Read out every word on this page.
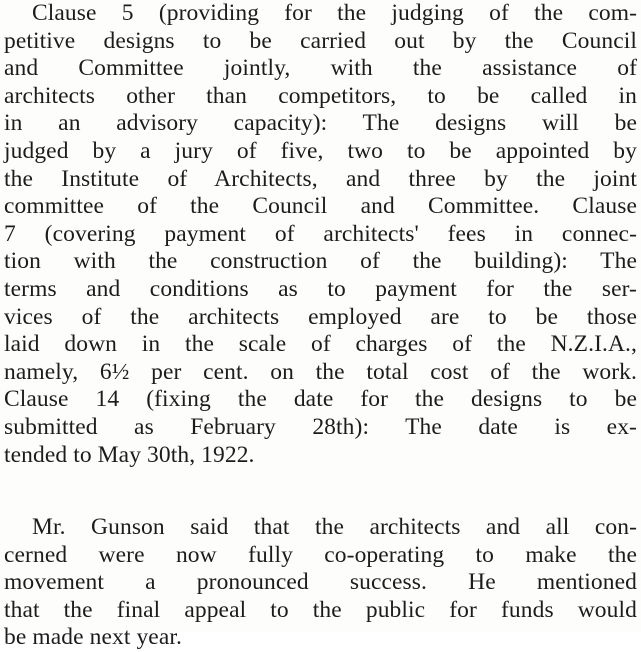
Clause 5 (providing for the judging of the com-
petitive designs to be carried out by the Council
and Committee jointly, with the assistance of
architects other than competitors, to be called in
in an advisory capacity): The designs will be
judged by a jury of five, two to be appointed by
the Institute of Architects, and three by the joint
committee of the Council and Committee. Clause
7 (covering payment of architects' fees in connec-
tion with the construction of the building): The
terms and conditions as to payment for the ser-
vices of the architects employed are to be those
laid down in the scale of charges of the N.Z.I.A.,
namely, 6½ per cent. on the total cost of the work.
Clause 14 (fixing the date for the designs to be
submitted as February 28th): The date is ex-
tended to May 30th, 1922.
Mr. Gunson said that the architects and all con-
cerned were now fully co-operating to make the
movement a pronounced success. He mentioned
that the final appeal to the public for funds would
be made next year.
